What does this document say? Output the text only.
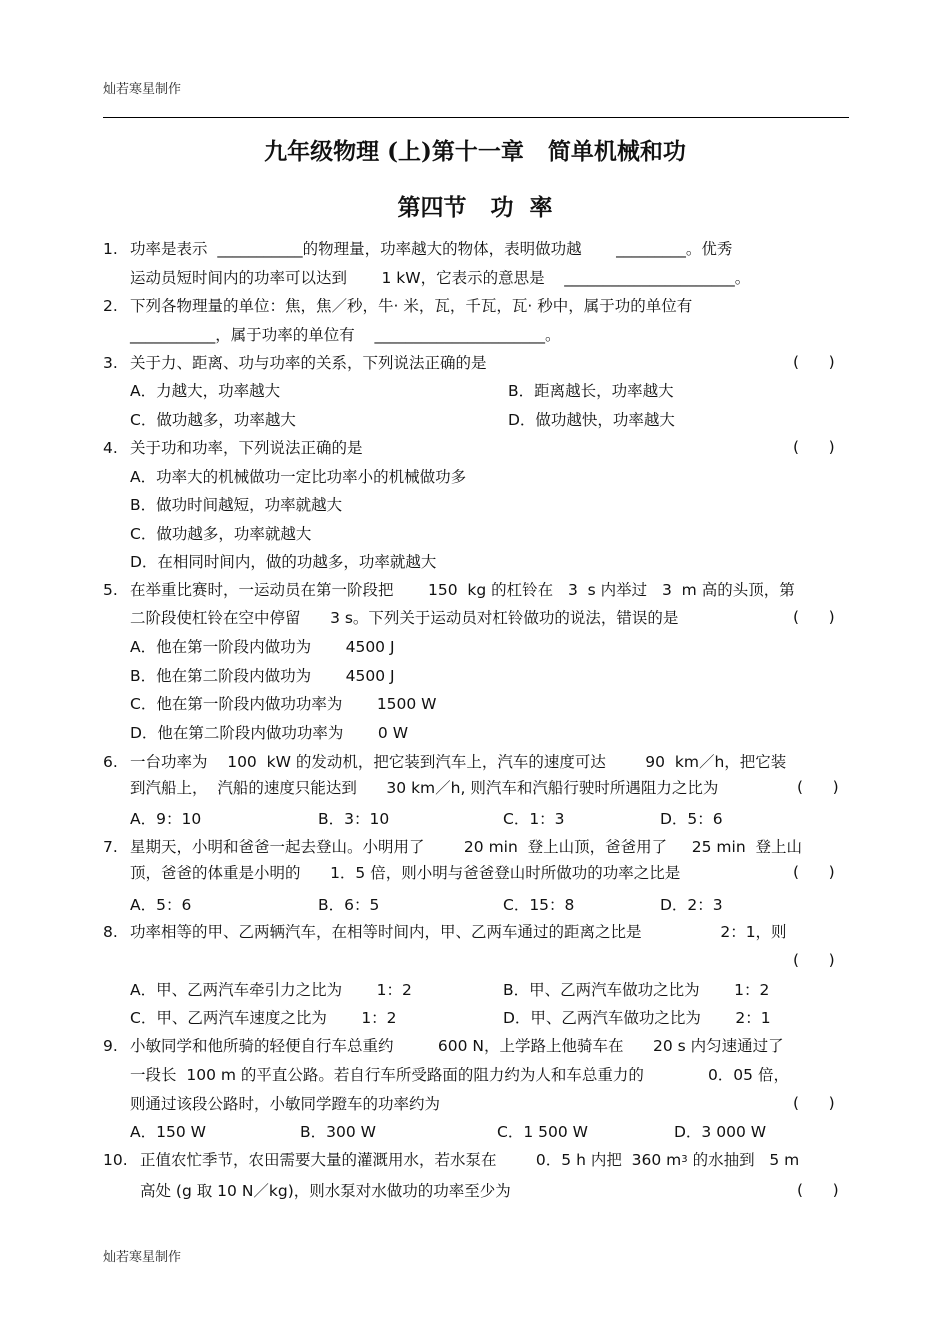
灿若寒星制作
九年级物理 (上)第十一章   简单机械和功
第四节   功  率
1. 功率是表示  ___________的物理量，功率越大的物体，表明做功越       _________。优秀
运动员短时间内的功率可以达到       1 kW，它表示的意思是    ______________________。
2. 下列各物理量的单位：焦，焦／秒，牛· 米，瓦，千瓦，瓦· 秒中，属于功的单位有
___________，属于功率的单位有    ______________________。
3. 关于力、距离、功与功率的关系，下列说法正确的是	(      )
A．力越大，功率越大	B．距离越长，功率越大
C．做功越多，功率越大	D．做功越快，功率越大
4. 关于功和功率，下列说法正确的是	(      )
A．功率大的机械做功一定比功率小的机械做功多
B．做功时间越短，功率就越大
C．做功越多，功率就越大
D．在相同时间内，做的功越多，功率就越大
5. 在举重比赛时，一运动员在第一阶段把       150  kg 的杠铃在   3  s 内举过   3  m 高的头顶，第
二阶段使杠铃在空中停留      3 s。下列关于运动员对杠铃做功的说法，错误的是	(      )
A．他在第一阶段内做功为       4500 J
B．他在第二阶段内做功为       4500 J
C．他在第一阶段内做功功率为       1500 W
D．他在第二阶段内做功功率为       0 W
6. 一台功率为    100  kW 的发动机，把它装到汽车上，汽车的速度可达        90  km／h，把它装
到汽船上，  汽船的速度只能达到      30 km／h, 则汽车和汽船行驶时所遇阻力之比为	(      )
A．9：10	B．3：10	C．1：3	D．5：6
7. 星期天，小明和爸爸一起去登山。小明用了        20 min  登上山顶，爸爸用了     25 min  登上山
顶，爸爸的体重是小明的      1．5 倍，则小明与爸爸登山时所做功的功率之比是	(      )
A．5：6	B．6：5	C．15：8	D．2：3
8. 功率相等的甲、乙两辆汽车，在相等时间内，甲、乙两车通过的距离之比是                2：1，则
(      )
A．甲、乙两汽车牵引力之比为       1：2	B．甲、乙两汽车做功之比为       1：2
C．甲、乙两汽车速度之比为       1：2	D．甲、乙两汽车做功之比为       2：1
9. 小敏同学和他所骑的轻便自行车总重约         600 N，上学路上他骑车在      20 s 内匀速通过了
一段长  100 m 的平直公路。若自行车所受路面的阻力约为人和车总重力的             0．05 倍，
则通过该段公路时，小敏同学蹬车的功率约为	(      )
A．150 W	B．300 W	C．1 500 W	D．3 000 W
10. 正值农忙季节，农田需要大量的灌溉用水，若水泵在        0．5 h 内把  360 $m^3$ 的水抽到   5 m
高处 (g 取 10 N／kg)，则水泵对水做功的功率至少为	(      )
灿若寒星制作
